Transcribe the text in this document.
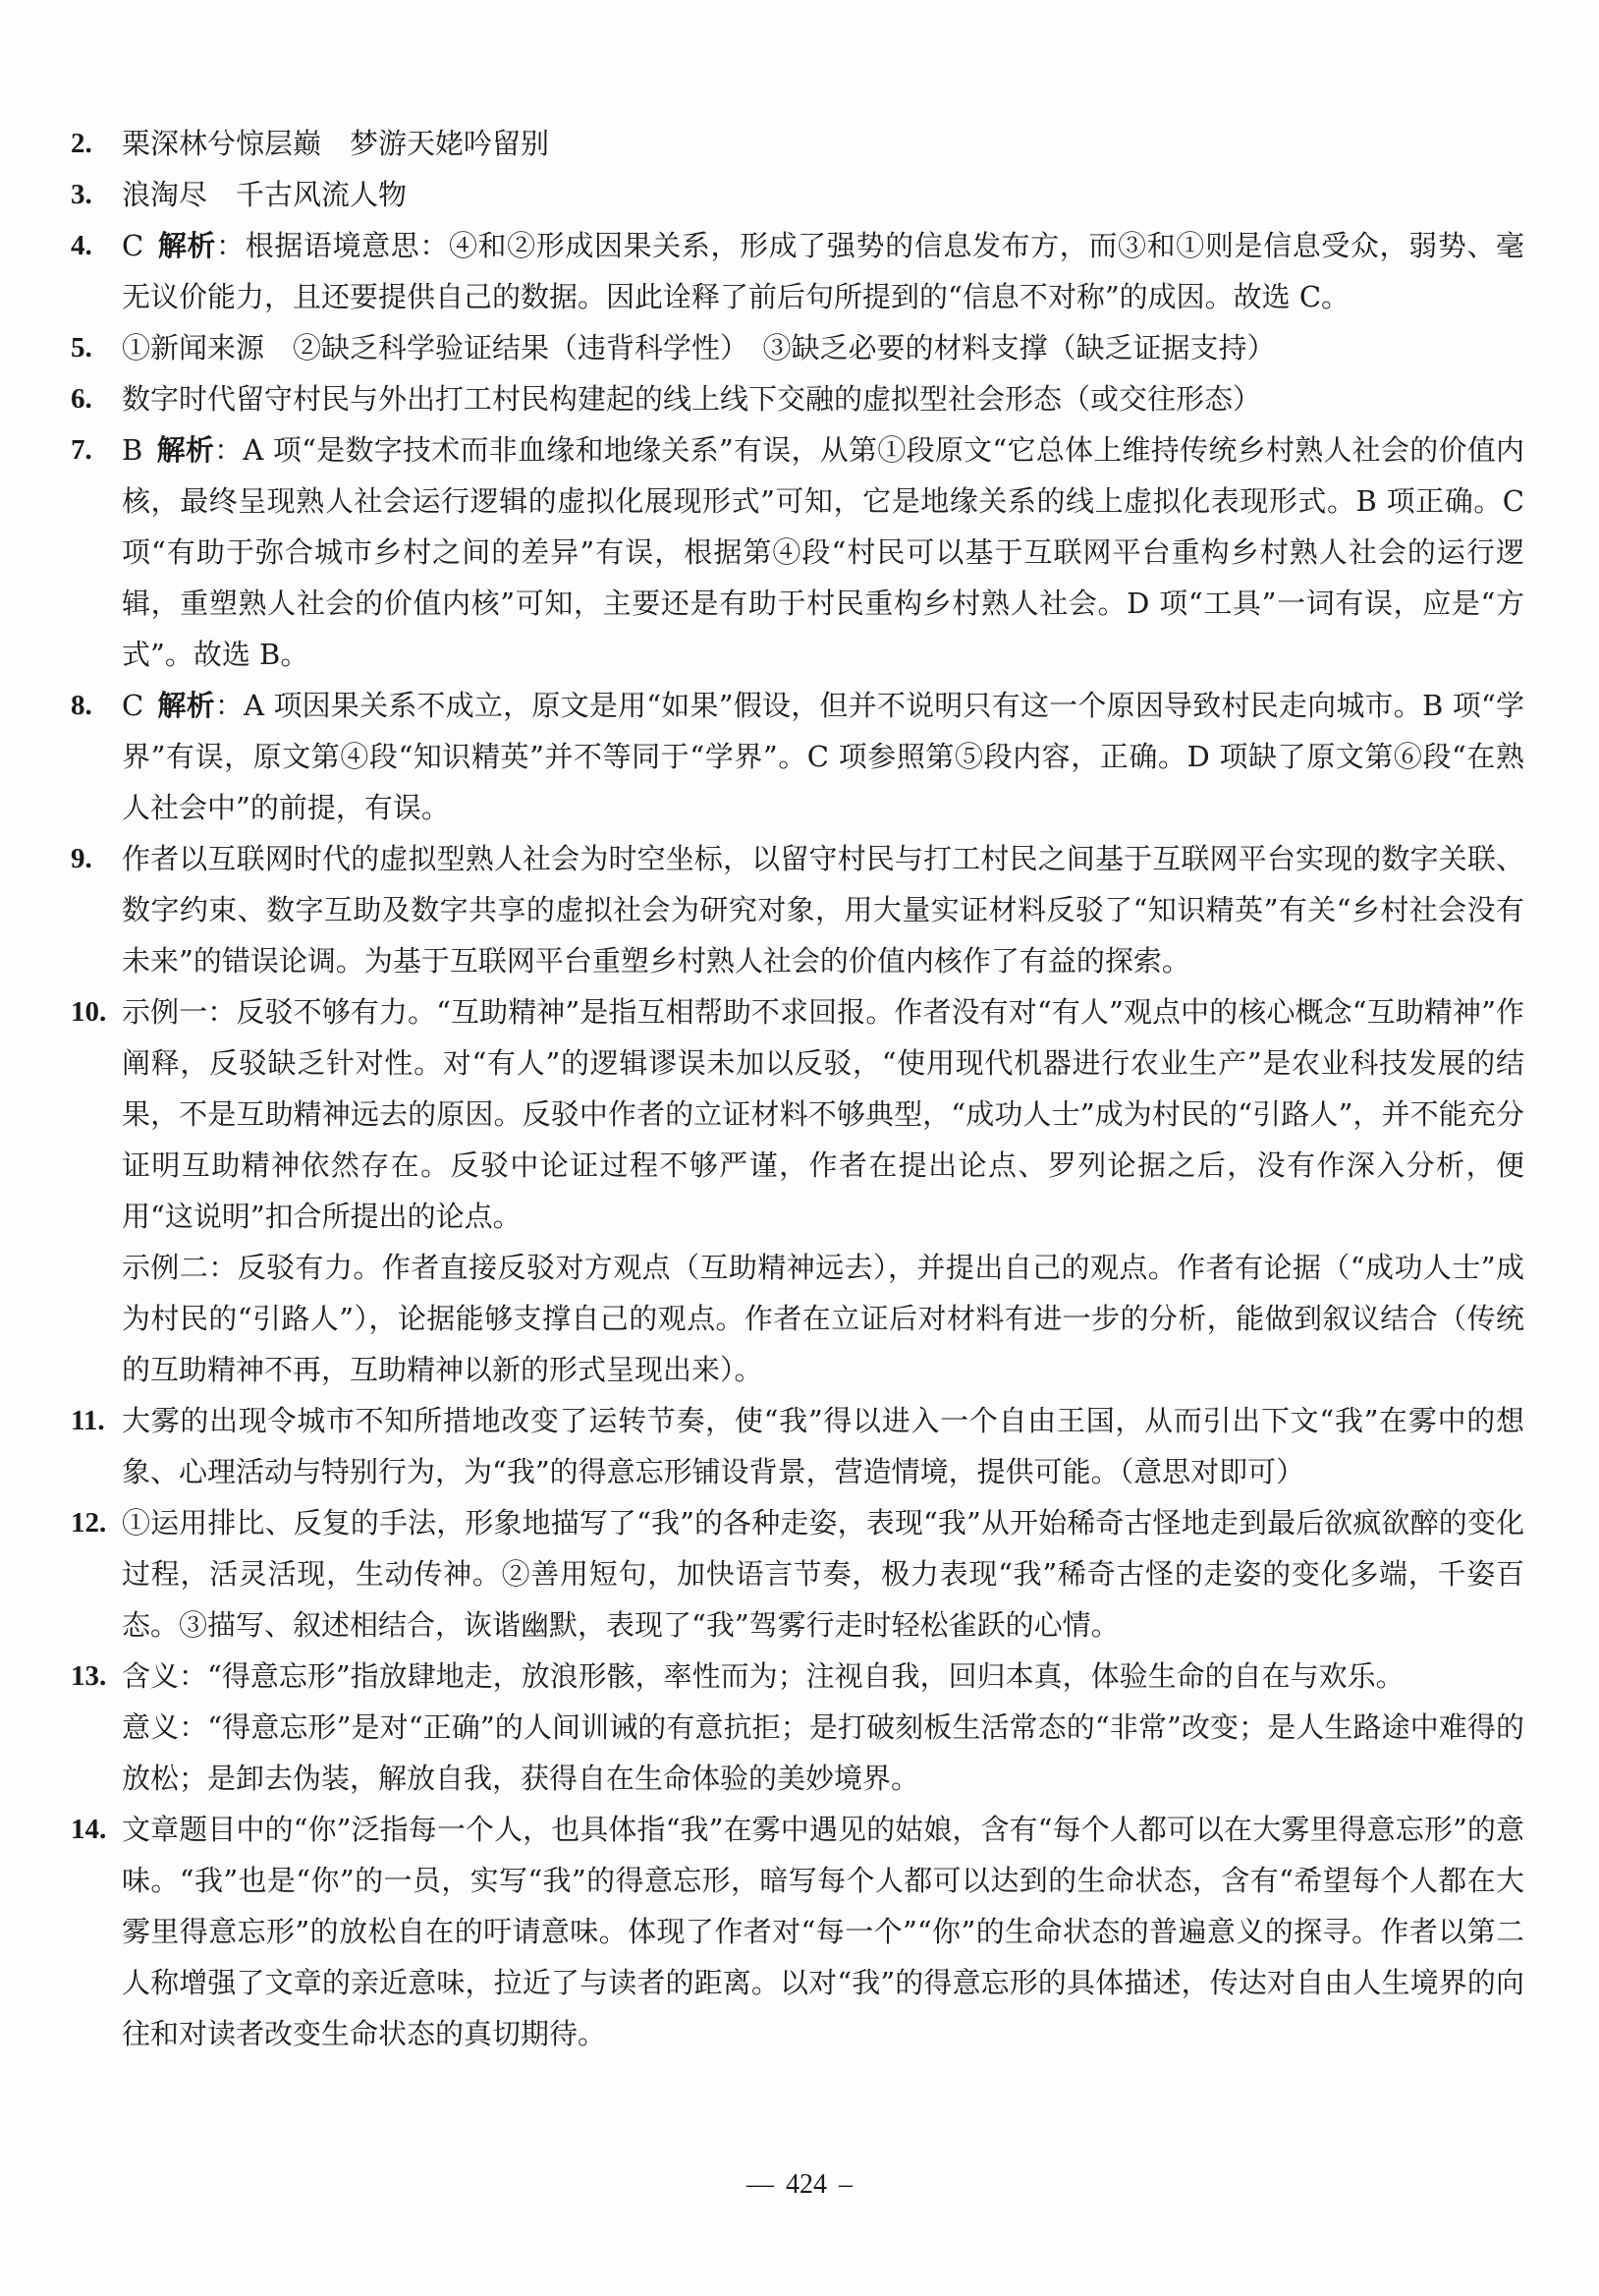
2. 栗深林兮惊层巅　梦游天姥吟留别

3. 浪淘尽　千古风流人物

4. C 解析：根据语境意思：④和②形成因果关系，形成了强势的信息发布方，而③和①则是信息受众，弱势、毫无议价能力，且还要提供自己的数据。因此诠释了前后句所提到的“信息不对称”的成因。故选 C。

5. ①新闻来源　②缺乏科学验证结果（违背科学性）　③缺乏必要的材料支撑（缺乏证据支持）

6. 数字时代留守村民与外出打工村民构建起的线上线下交融的虚拟型社会形态（或交往形态）

7. B 解析：A 项“是数字技术而非血缘和地缘关系”有误，从第①段原文“它总体上维持传统乡村熟人社会的价值内核，最终呈现熟人社会运行逻辑的虚拟化展现形式”可知，它是地缘关系的线上虚拟化表现形式。B 项正确。C 项“有助于弥合城市乡村之间的差异”有误，根据第④段“村民可以基于互联网平台重构乡村熟人社会的运行逻辑，重塑熟人社会的价值内核”可知，主要还是有助于村民重构乡村熟人社会。D 项“工具”一词有误，应是“方式”。故选 B。

8. C 解析：A 项因果关系不成立，原文是用“如果”假设，但并不说明只有这一个原因导致村民走向城市。B 项“学界”有误，原文第④段“知识精英”并不等同于“学界”。C 项参照第⑤段内容，正确。D 项缺了原文第⑥段“在熟人社会中”的前提，有误。

9. 作者以互联网时代的虚拟型熟人社会为时空坐标，以留守村民与打工村民之间基于互联网平台实现的数字关联、数字约束、数字互助及数字共享的虚拟社会为研究对象，用大量实证材料反驳了“知识精英”有关“乡村社会没有未来”的错误论调。为基于互联网平台重塑乡村熟人社会的价值内核作了有益的探索。

10. 示例一：反驳不够有力。“互助精神”是指互相帮助不求回报。作者没有对“有人”观点中的核心概念“互助精神”作阐释，反驳缺乏针对性。对“有人”的逻辑谬误未加以反驳，“使用现代机器进行农业生产”是农业科技发展的结果，不是互助精神远去的原因。反驳中作者的立证材料不够典型，“成功人士”成为村民的“引路人”，并不能充分证明互助精神依然存在。反驳中论证过程不够严谨，作者在提出论点、罗列论据之后，没有作深入分析，便用“这说明”扣合所提出的论点。
示例二：反驳有力。作者直接反驳对方观点（互助精神远去），并提出自己的观点。作者有论据（“成功人士”成为村民的“引路人”），论据能够支撑自己的观点。作者在立证后对材料有进一步的分析，能做到叙议结合（传统的互助精神不再，互助精神以新的形式呈现出来）。

11. 大雾的出现令城市不知所措地改变了运转节奏，使“我”得以进入一个自由王国，从而引出下文“我”在雾中的想象、心理活动与特别行为，为“我”的得意忘形铺设背景，营造情境，提供可能。（意思对即可）

12. ①运用排比、反复的手法，形象地描写了“我”的各种走姿，表现“我”从开始稀奇古怪地走到最后欲疯欲醉的变化过程，活灵活现，生动传神。②善用短句，加快语言节奏，极力表现“我”稀奇古怪的走姿的变化多端，千姿百态。③描写、叙述相结合，诙谐幽默，表现了“我”驾雾行走时轻松雀跃的心情。

13. 含义：“得意忘形”指放肆地走，放浪形骸，率性而为；注视自我，回归本真，体验生命的自在与欢乐。
意义：“得意忘形”是对“正确”的人间训诫的有意抗拒；是打破刻板生活常态的“非常”改变；是人生路途中难得的放松；是卸去伪装，解放自我，获得自在生命体验的美妙境界。

14. 文章题目中的“你”泛指每一个人，也具体指“我”在雾中遇见的姑娘，含有“每个人都可以在大雾里得意忘形”的意味。“我”也是“你”的一员，实写“我”的得意忘形，暗写每个人都可以达到的生命状态，含有“希望每个人都在大雾里得意忘形”的放松自在的吁请意味。体现了作者对“每一个”“你”的生命状态的普遍意义的探寻。作者以第二人称增强了文章的亲近意味，拉近了与读者的距离。以对“我”的得意忘形的具体描述，传达对自由人生境界的向往和对读者改变生命状态的真切期待。

— 424 –
